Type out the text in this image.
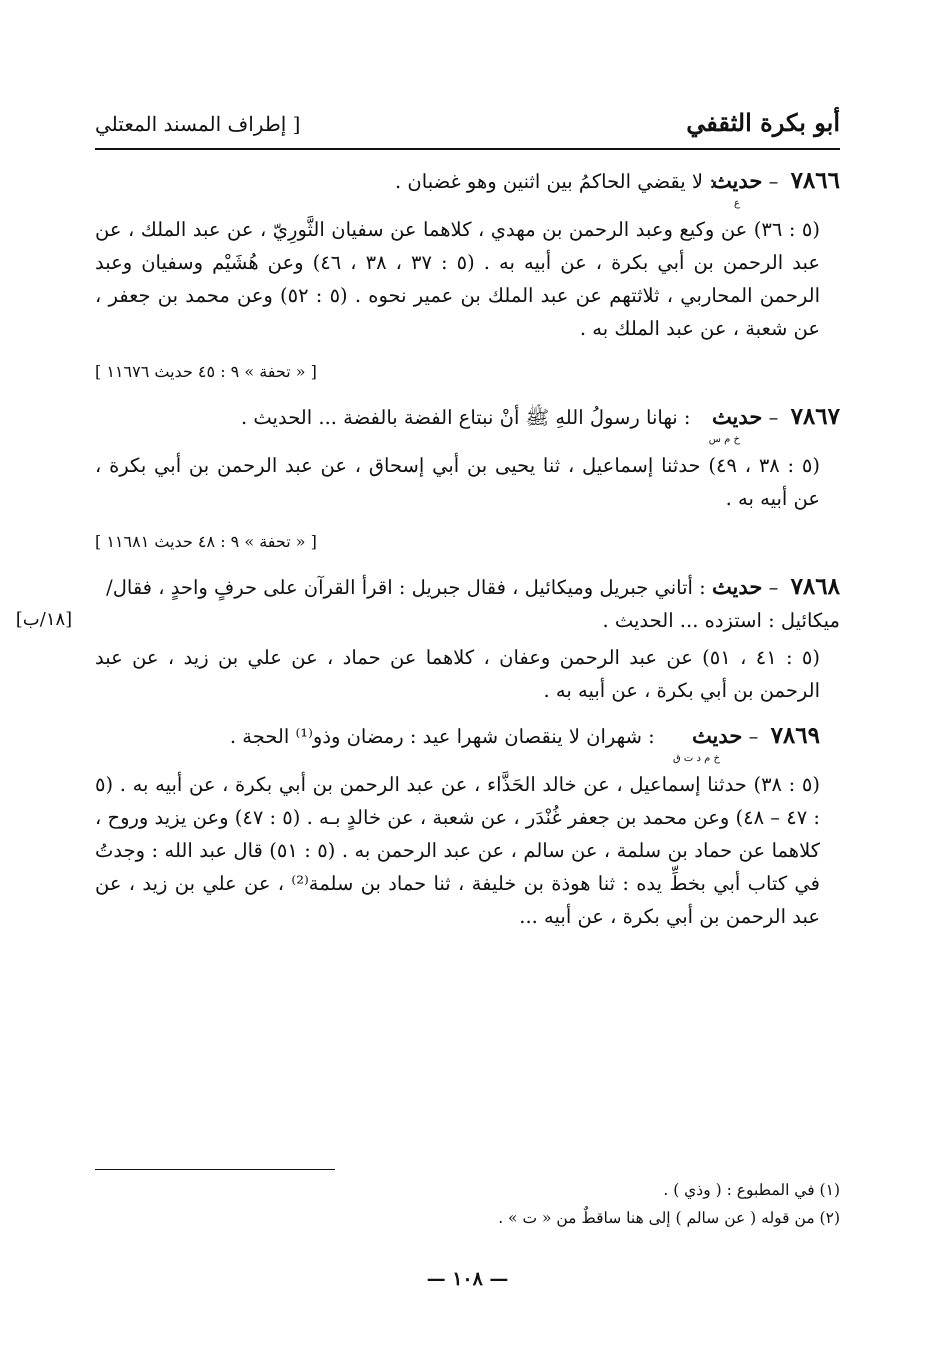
أبو بكرة الثقفي
[ إطراف المسند المعتلي

٧٨٦٦ – حديثع : لا يقضي الحاكمُ بين اثنين وهو غضبان .

(٥ : ٣٦) عن وكيع وعبد الرحمن بن مهدي ، كلاهما عن سفيان الثَّورِيّ ، عن عبد الملك ، عن عبد الرحمن بن أبي بكرة ، عن أبيه به . (٥ : ٣٧ ، ٣٨ ، ٤٦) وعن هُشَيْم وسفيان وعبد الرحمن المحاربي ، ثلاثتهم عن عبد الملك بن عمير نحوه . (٥ : ٥٢) وعن محمد بن جعفر ، عن شعبة ، عن عبد الملك به .

[ « تحفة » ٩ : ٤٥ حديث ١١٦٧٦ ]

٧٨٦٧ – حديثخ م س : نهانا رسولُ اللهِ ﷺ أنْ نبتاع الفضة بالفضة ... الحديث .

(٥ : ٣٨ ، ٤٩) حدثنا إسماعيل ، ثنا يحيى بن أبي إسحاق ، عن عبد الرحمن بن أبي بكرة ، عن أبيه به .

[ « تحفة » ٩ : ٤٨ حديث ١١٦٨١ ]

٧٨٦٨ – حديث : أتاني جبريل وميكائيل ، فقال جبريل : اقرأ القرآن على حرفٍ واحدٍ ، فقال/ ميكائيل : استزده ... الحديث .

[١٨/ب]

(٥ : ٤١ ، ٥١) عن عبد الرحمن وعفان ، كلاهما عن حماد ، عن علي بن زيد ، عن عبد الرحمن بن أبي بكرة ، عن أبيه به .

٧٨٦٩ – حديثخ م د ت ق : شهران لا ينقصان شهرا عيد : رمضان وذو⁽¹⁾ الحجة .

(٥ : ٣٨) حدثنا إسماعيل ، عن خالد الحَذَّاء ، عن عبد الرحمن بن أبي بكرة ، عن أبيه به . (٥ : ٤٧ – ٤٨) وعن محمد بن جعفر غُنْدَر ، عن شعبة ، عن خالدٍ بـه . (٥ : ٤٧) وعن يزيد وروح ، كلاهما عن حماد بن سلمة ، عن سالم ، عن عبد الرحمن به . (٥ : ٥١) قال عبد الله : وجدتُ في كتاب أبي بخطِّ يده : ثنا هوذة بن خليفة ، ثنا حماد بن سلمة⁽²⁾ ، عن علي بن زيد ، عن عبد الرحمن بن أبي بكرة ، عن أبيه ...

(١) في المطبوع : ( وذي ) .

(٢) من قوله ( عن سالم ) إلى هنا ساقطٌ من « ت » .

— ١٠٨ —
